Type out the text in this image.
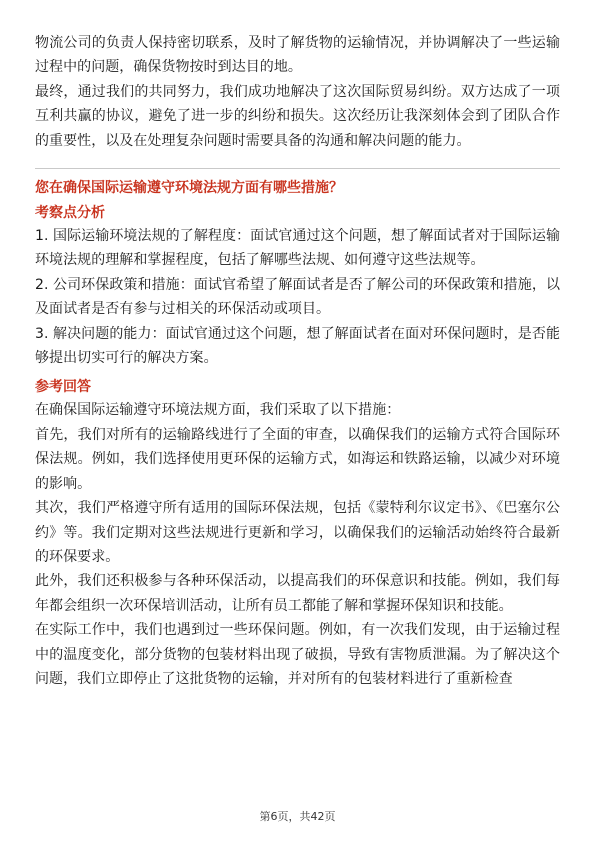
物流公司的负责人保持密切联系，及时了解货物的运输情况，并协调解决了一些运输过程中的问题，确保货物按时到达目的地。

最终，通过我们的共同努力，我们成功地解决了这次国际贸易纠纷。双方达成了一项互利共赢的协议，避免了进一步的纠纷和损失。这次经历让我深刻体会到了团队合作的重要性，以及在处理复杂问题时需要具备的沟通和解决问题的能力。

您在确保国际运输遵守环境法规方面有哪些措施？

考察点分析

1. 国际运输环境法规的了解程度：面试官通过这个问题，想了解面试者对于国际运输环境法规的理解和掌握程度，包括了解哪些法规、如何遵守这些法规等。

2. 公司环保政策和措施：面试官希望了解面试者是否了解公司的环保政策和措施，以及面试者是否有参与过相关的环保活动或项目。

3. 解决问题的能力：面试官通过这个问题，想了解面试者在面对环保问题时，是否能够提出切实可行的解决方案。

参考回答

在确保国际运输遵守环境法规方面，我们采取了以下措施：

首先，我们对所有的运输路线进行了全面的审查，以确保我们的运输方式符合国际环保法规。例如，我们选择使用更环保的运输方式，如海运和铁路运输，以减少对环境的影响。

其次，我们严格遵守所有适用的国际环保法规，包括《蒙特利尔议定书》、《巴塞尔公约》等。我们定期对这些法规进行更新和学习，以确保我们的运输活动始终符合最新的环保要求。

此外，我们还积极参与各种环保活动，以提高我们的环保意识和技能。例如，我们每年都会组织一次环保培训活动，让所有员工都能了解和掌握环保知识和技能。

在实际工作中，我们也遇到过一些环保问题。例如，有一次我们发现，由于运输过程中的温度变化，部分货物的包装材料出现了破损，导致有害物质泄漏。为了解决这个问题，我们立即停止了这批货物的运输，并对所有的包装材料进行了重新检查

第6页，共42页
